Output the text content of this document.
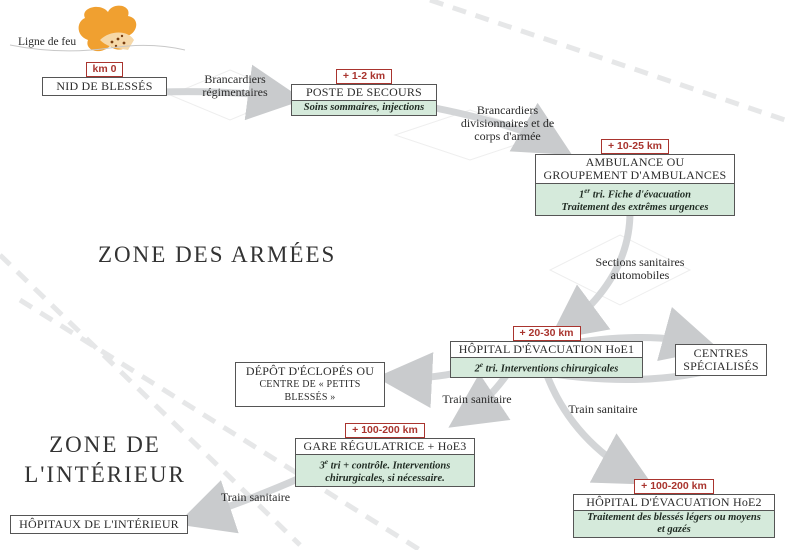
Ligne de feu
ZONE DES ARMÉES
ZONE DE
L'INTÉRIEUR
km 0
NID DE BLESSÉS
+ 1-2 km
POSTE DE SECOURS
Soins sommaires, injections
+ 10-25 km
AMBULANCE OU
GROUPEMENT D'AMBULANCES
1er tri. Fiche d'évacuation
Traitement des extrêmes urgences
+ 20-30 km
HÔPITAL D'ÉVACUATION HoE1
2e tri. Interventions chirurgicales
DÉPÔT D'ÉCLOPÉS OU
CENTRE DE « PETITS BLESSÉS »
CENTRES
SPÉCIALISÉS
+ 100-200 km
GARE RÉGULATRICE + HoE3
3e tri + contrôle. Interventions
chirurgicales, si nécessaire.
+ 100-200 km
HÔPITAL D'ÉVACUATION HoE2
Traitement des blessés légers ou moyens
et gazés
HÔPITAUX DE L'INTÉRIEUR
Brancardiers
régimentaires
Brancardiers
divisionnaires et de
corps d'armée
Sections sanitaires
automobiles
Train sanitaire
Train sanitaire
Train sanitaire
